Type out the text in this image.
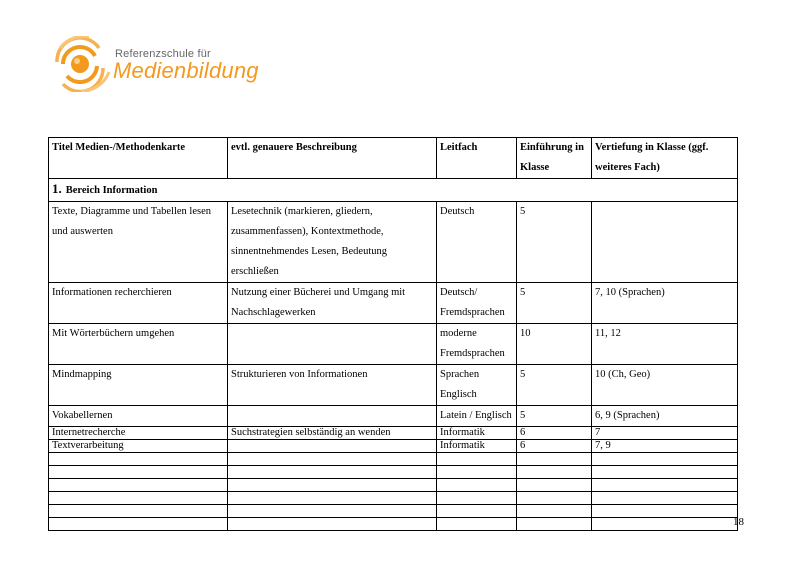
Referenzschule für
Medienbildung
Titel Medien-/Methodenkarte	evtl. genauere Beschreibung	Leitfach	Einführung in Klasse	Vertiefung in Klasse (ggf. weiteres Fach)
1. Bereich Information				
Texte, Diagramme und Tabellen lesen und auswerten	Lesetechnik (markieren, gliedern, zusammenfassen), Kontextmethode, sinnentnehmendes Lesen, Bedeutung erschließen	Deutsch	5	
Informationen recherchieren	Nutzung einer Bücherei und Umgang mit Nachschlagewerken	Deutsch/ Fremdsprachen	5	7, 10 (Sprachen)
Mit Wörterbüchern umgehen		moderne Fremdsprachen	10	11, 12
Mindmapping	Strukturieren von Informationen	Sprachen Englisch	5	10 (Ch, Geo)
Vokabellernen		Latein / Englisch	5	6, 9 (Sprachen)
Internetrecherche	Suchstrategien selbständig an wenden	Informatik	6	7
Textverarbeitung		Informatik	6	7, 9

18
